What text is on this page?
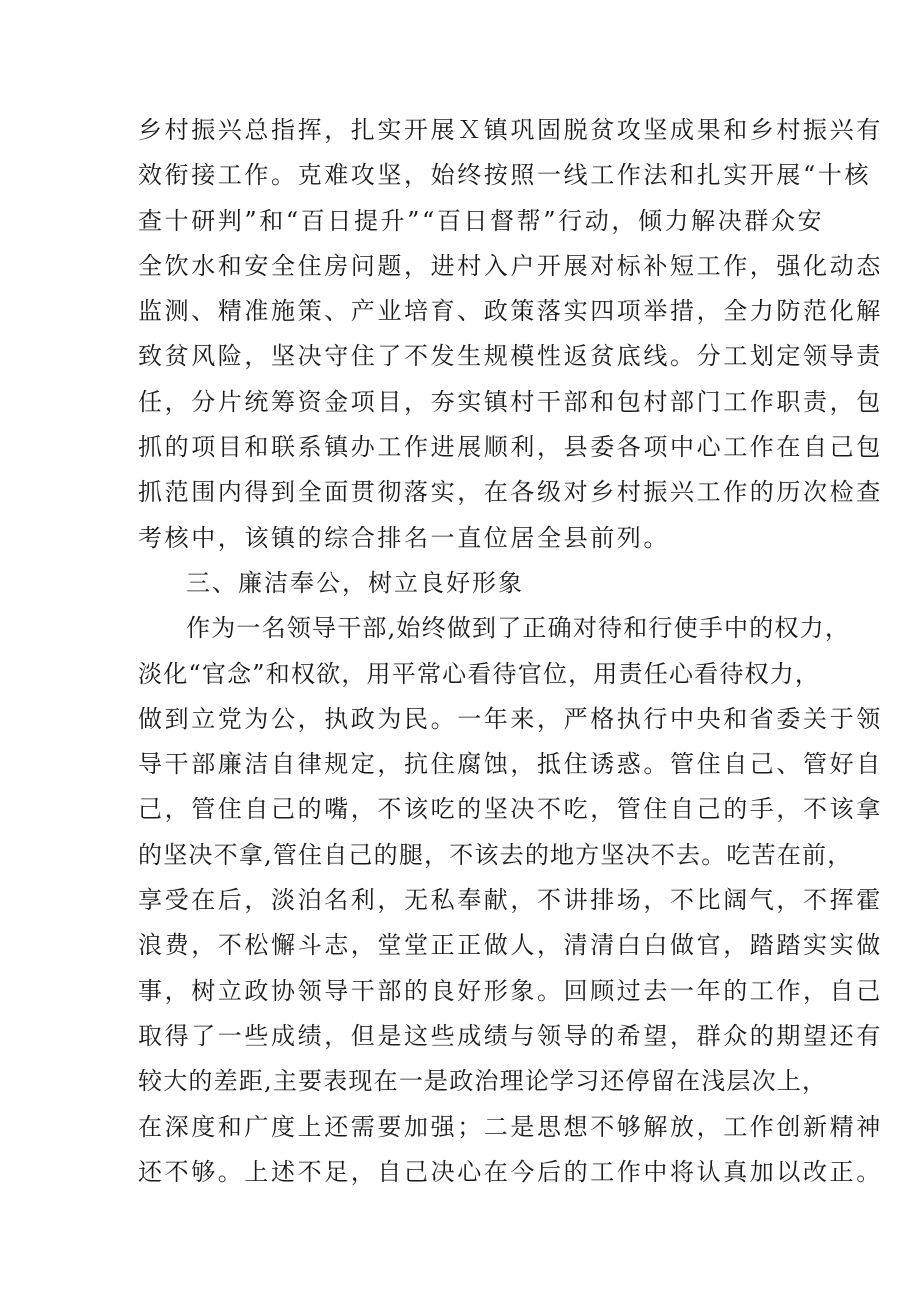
乡村振兴总指挥，扎实开展Ｘ镇巩固脱贫攻坚成果和乡村振兴有
效衔接工作。克难攻坚，始终按照一线工作法和扎实开展“十核
查十研判”和“百日提升”“百日督帮”行动，倾力解决群众安
全饮水和安全住房问题，进村入户开展对标补短工作，强化动态
监测、精准施策、产业培育、政策落实四项举措，全力防范化解
致贫风险，坚决守住了不发生规模性返贫底线。分工划定领导责
任，分片统筹资金项目，夯实镇村干部和包村部门工作职责，包
抓的项目和联系镇办工作进展顺利，县委各项中心工作在自己包
抓范围内得到全面贯彻落实，在各级对乡村振兴工作的历次检查
考核中，该镇的综合排名一直位居全县前列。
三、廉洁奉公，树立良好形象
作为一名领导干部,始终做到了正确对待和行使手中的权力，
淡化“官念”和权欲，用平常心看待官位，用责任心看待权力，
做到立党为公，执政为民。一年来，严格执行中央和省委关于领
导干部廉洁自律规定，抗住腐蚀，抵住诱惑。管住自己、管好自
己，管住自己的嘴，不该吃的坚决不吃，管住自己的手，不该拿
的坚决不拿,管住自己的腿，不该去的地方坚决不去。吃苦在前，
享受在后，淡泊名利，无私奉献，不讲排场，不比阔气，不挥霍
浪费，不松懈斗志，堂堂正正做人，清清白白做官，踏踏实实做
事，树立政协领导干部的良好形象。回顾过去一年的工作，自己
取得了一些成绩，但是这些成绩与领导的希望，群众的期望还有
较大的差距,主要表现在一是政治理论学习还停留在浅层次上，
在深度和广度上还需要加强；二是思想不够解放，工作创新精神
还不够。上述不足，自己决心在今后的工作中将认真加以改正。
